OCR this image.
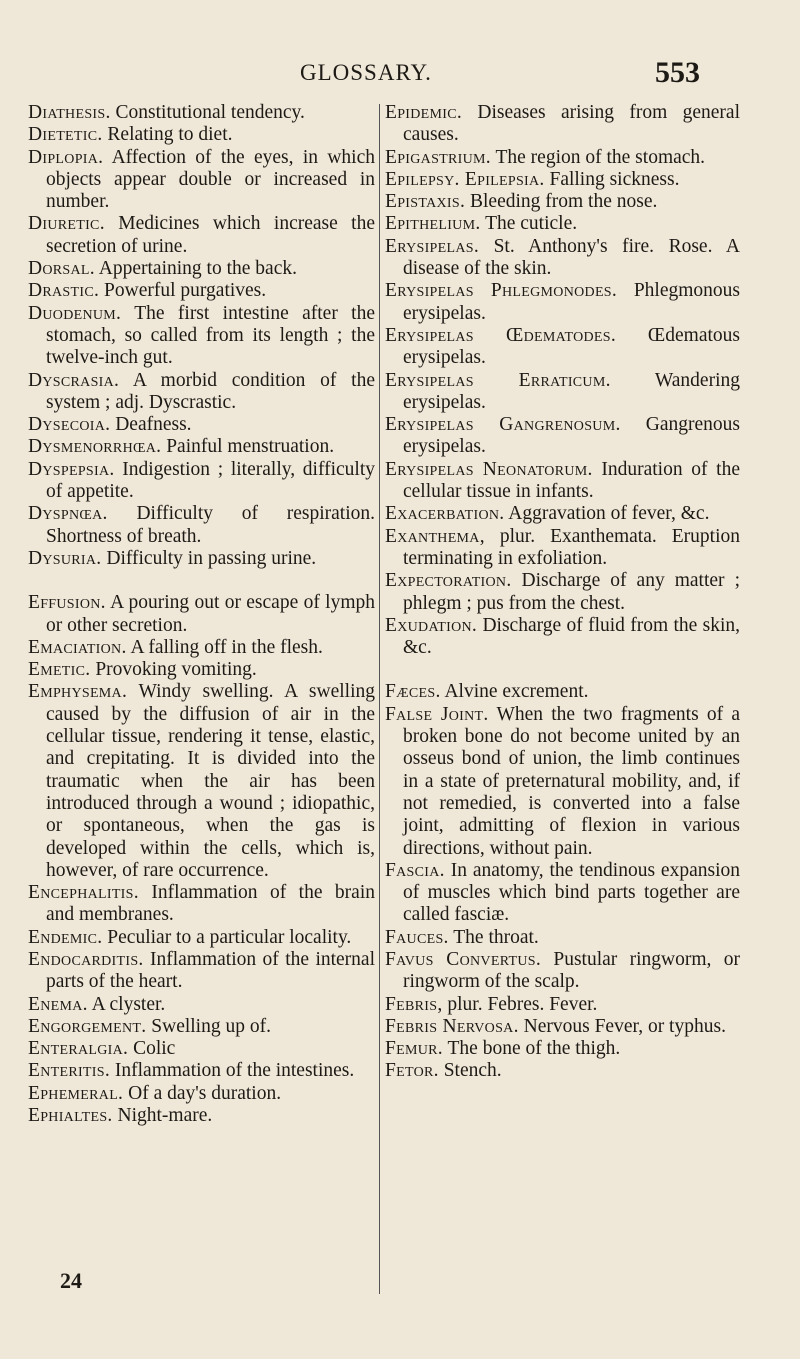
GLOSSARY.	553
Diathesis. Constitutional tendency.
Dietetic. Relating to diet.
Diplopia. Affection of the eyes, in which objects appear double or increased in number.
Diuretic. Medicines which increase the secretion of urine.
Dorsal. Appertaining to the back.
Drastic. Powerful purgatives.
Duodenum. The first intestine after the stomach, so called from its length ; the twelve-inch gut.
Dyscrasia. A morbid condition of the system ; adj. Dyscrastic.
Dysecoia. Deafness.
Dysmenorrhœa. Painful menstruation.
Dyspepsia. Indigestion ; literally, difficulty of appetite.
Dyspnœa. Difficulty of respiration. Shortness of breath.
Dysuria. Difficulty in passing urine.
Effusion. A pouring out or escape of lymph or other secretion.
Emaciation. A falling off in the flesh.
Emetic. Provoking vomiting.
Emphysema. Windy swelling. A swelling caused by the diffusion of air in the cellular tissue, rendering it tense, elastic, and crepitating. It is divided into the traumatic when the air has been introduced through a wound ; idiopathic, or spontaneous, when the gas is developed within the cells, which is, however, of rare occurrence.
Encephalitis. Inflammation of the brain and membranes.
Endemic. Peculiar to a particular locality.
Endocarditis. Inflammation of the internal parts of the heart.
Enema. A clyster.
Engorgement. Swelling up of.
Enteralgia. Colic
Enteritis. Inflammation of the intestines.
Ephemeral. Of a day's duration.
Ephialtes. Night-mare.
Epidemic. Diseases arising from general causes.
Epigastrium. The region of the stomach.
Epilepsy. Epilepsia. Falling sickness.
Epistaxis. Bleeding from the nose.
Epithelium. The cuticle.
Erysipelas. St. Anthony's fire. Rose. A disease of the skin.
Erysipelas Phlegmonodes. Phlegmonous erysipelas.
Erysipelas Œdematodes. Œdematous erysipelas.
Erysipelas Erraticum. Wandering erysipelas.
Erysipelas Gangrenosum. Gangrenous erysipelas.
Erysipelas Neonatorum. Induration of the cellular tissue in infants.
Exacerbation. Aggravation of fever, &c.
Exanthema, plur. Exanthemata. Eruption terminating in exfoliation.
Expectoration. Discharge of any matter ; phlegm ; pus from the chest.
Exudation. Discharge of fluid from the skin, &c.
Fæces. Alvine excrement.
False Joint. When the two fragments of a broken bone do not become united by an osseus bond of union, the limb continues in a state of preternatural mobility, and, if not remedied, is converted into a false joint, admitting of flexion in various directions, without pain.
Fascia. In anatomy, the tendinous expansion of muscles which bind parts together are called fasciæ.
Fauces. The throat.
Favus Convertus. Pustular ringworm, or ringworm of the scalp.
Febris, plur. Febres. Fever.
Febris Nervosa. Nervous Fever, or typhus.
Femur. The bone of the thigh.
Fetor. Stench.
24
